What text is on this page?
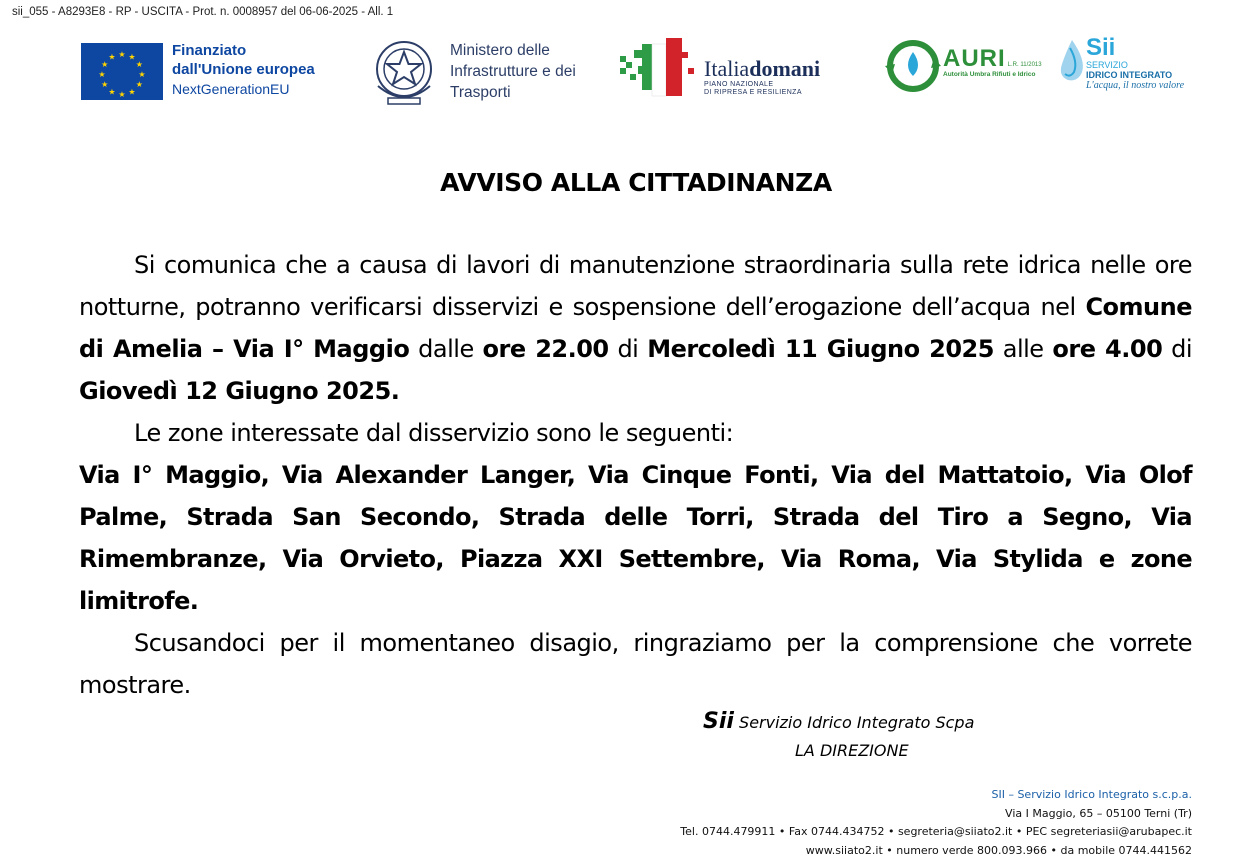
sii_055 - A8293E8 - RP - USCITA - Prot. n. 0008957 del 06-06-2025 - All. 1
★ ★
★
★
★
★
★
★
★
★
★
★	Finanziato
dall'Unione europea
NextGenerationEU
Ministero delle
Infrastrutture e dei
Trasporti
Italiadomani
PIANO NAZIONALE
DI RIPRESA E RESILIENZA
AURI L.R. 11/2013
Autorità Umbra Rifiuti e Idrico
Sii
SERVIZIO
IDRICO INTEGRATO
L'acqua, il nostro valore
AVVISO ALLA CITTADINANZA

Si comunica che a causa di lavori di manutenzione straordinaria sulla rete idrica nelle ore notturne, potranno verificarsi disservizi e sospensione dell’erogazione dell’acqua nel Comune di Amelia – Via I° Maggio dalle ore 22.00 di Mercoledì 11 Giugno 2025 alle ore 4.00 di Giovedì 12 Giugno 2025.

Le zone interessate dal disservizio sono le seguenti:

Via I° Maggio, Via Alexander Langer, Via Cinque Fonti, Via del Mattatoio, Via Olof Palme, Strada San Secondo, Strada delle Torri, Strada del Tiro a Segno, Via Rimembranze, Via Orvieto, Piazza XXI Settembre, Via Roma, Via Stylida e zone limitrofe.

Scusandoci per il momentaneo disagio, ringraziamo per la comprensione che vorrete mostrare.

Sii Servizio Idrico Integrato Scpa
LA DIREZIONE
SII – Servizio Idrico Integrato s.c.p.a.
Via I Maggio, 65 – 05100 Terni (Tr)
Tel. 0744.479911 • Fax 0744.434752 • segreteria@siiato2.it • PEC segreteriasii@arubapec.it
www.siiato2.it • numero verde 800.093.966 • da mobile 0744.441562
